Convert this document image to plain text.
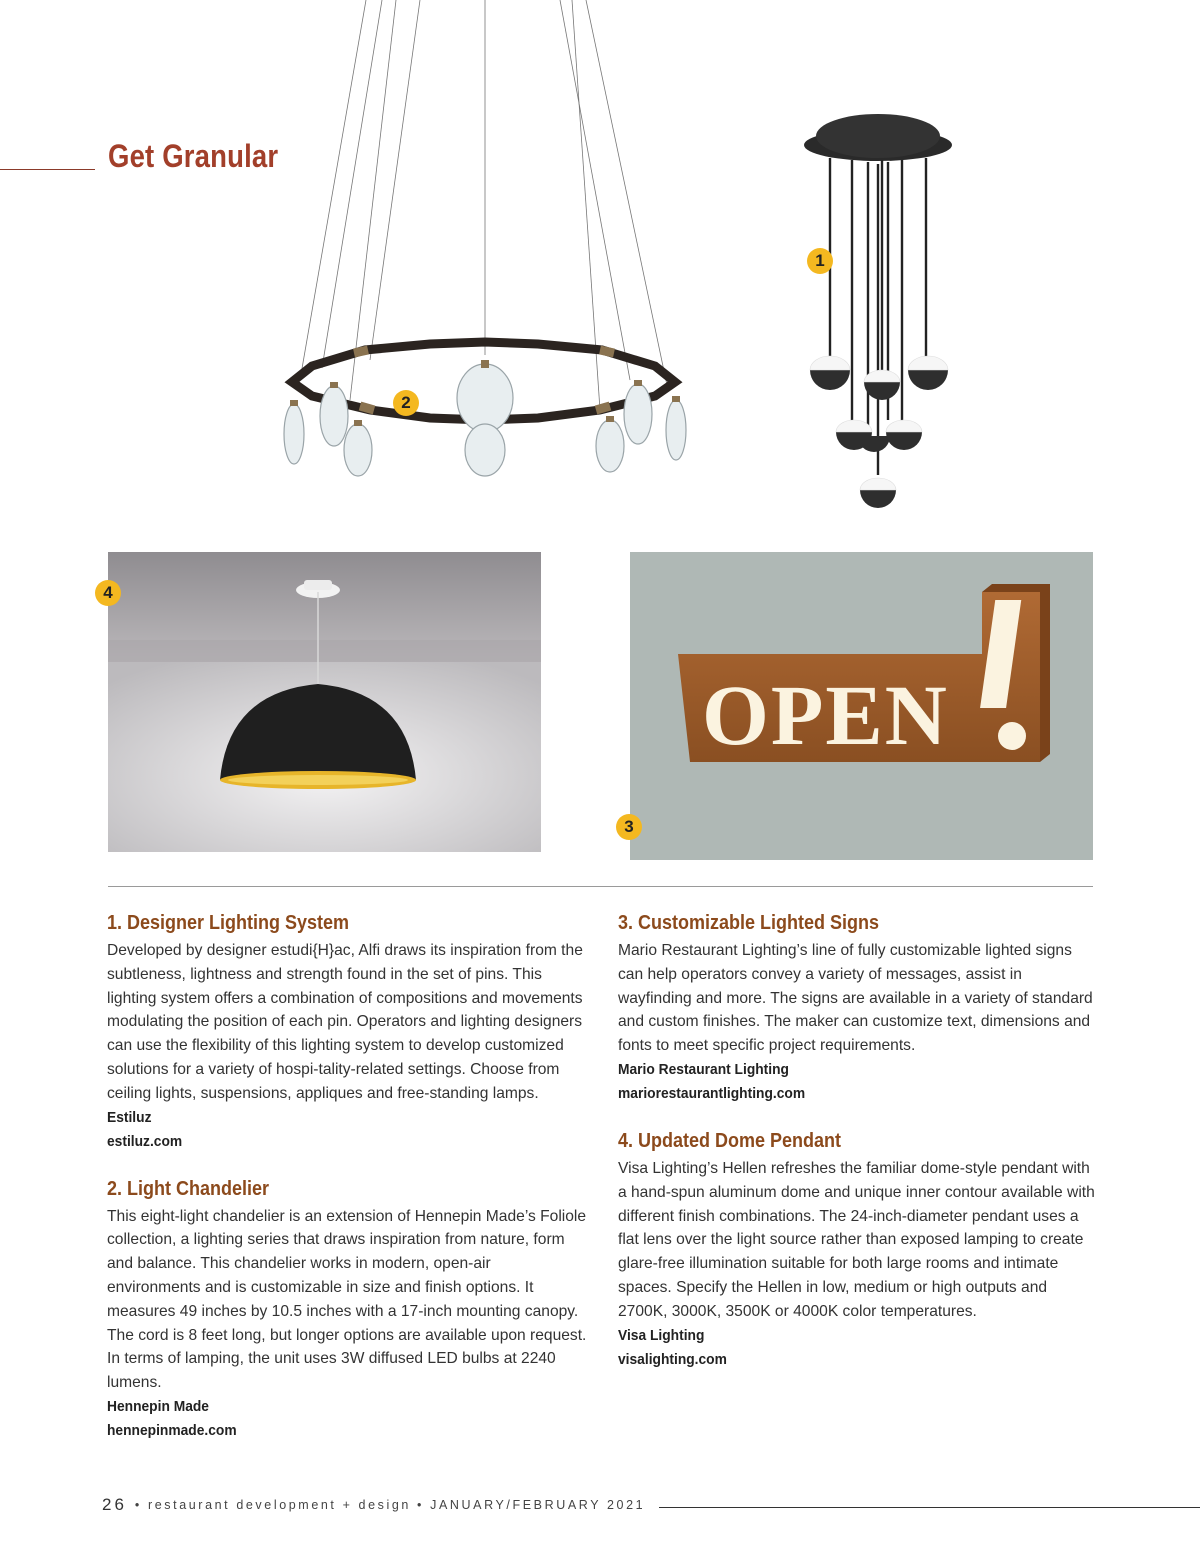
Get Granular
OPEN
1
2
3
4
1. Designer Lighting System

Developed by designer estudi{H}ac, Alfi draws its inspiration from the subtleness, lightness and strength found in the set of pins. This lighting system offers a combination of compositions and movements modulating the position of each pin. Operators and lighting designers can use the flexibility of this lighting system to develop customized solutions for a variety of hospi-tality-related settings. Choose from ceiling lights, suspensions, appliques and free-standing lamps.

Estiluz

estiluz.com

2. Light Chandelier

This eight-light chandelier is an extension of Hennepin Made’s Foliole collection, a lighting series that draws inspiration from nature, form and balance. This chandelier works in modern, open-air environments and is customizable in size and finish options. It measures 49 inches by 10.5 inches with a 17-inch mounting canopy. The cord is 8 feet long, but longer options are available upon request. In terms of lamping, the unit uses 3W diffused LED bulbs at 2240 lumens.

Hennepin Made

hennepinmade.com

3. Customizable Lighted Signs

Mario Restaurant Lighting’s line of fully customizable lighted signs can help operators convey a variety of messages, assist in wayfinding and more. The signs are available in a variety of standard and custom finishes. The maker can customize text, dimensions and fonts to meet specific project requirements.

Mario Restaurant Lighting

mariorestaurantlighting.com

4. Updated Dome Pendant

Visa Lighting’s Hellen refreshes the familiar dome-style pendant with a hand-spun aluminum dome and unique inner contour available with different finish combinations. The 24-inch-diameter pendant uses a flat lens over the light source rather than exposed lamping to create glare-free illumination suitable for both large rooms and intimate spaces. Specify the Hellen in low, medium or high outputs and 2700K, 3000K, 3500K or 4000K color temperatures.

Visa Lighting

visalighting.com

26 • restaurant development + design • JANUARY/FEBRUARY 2021
